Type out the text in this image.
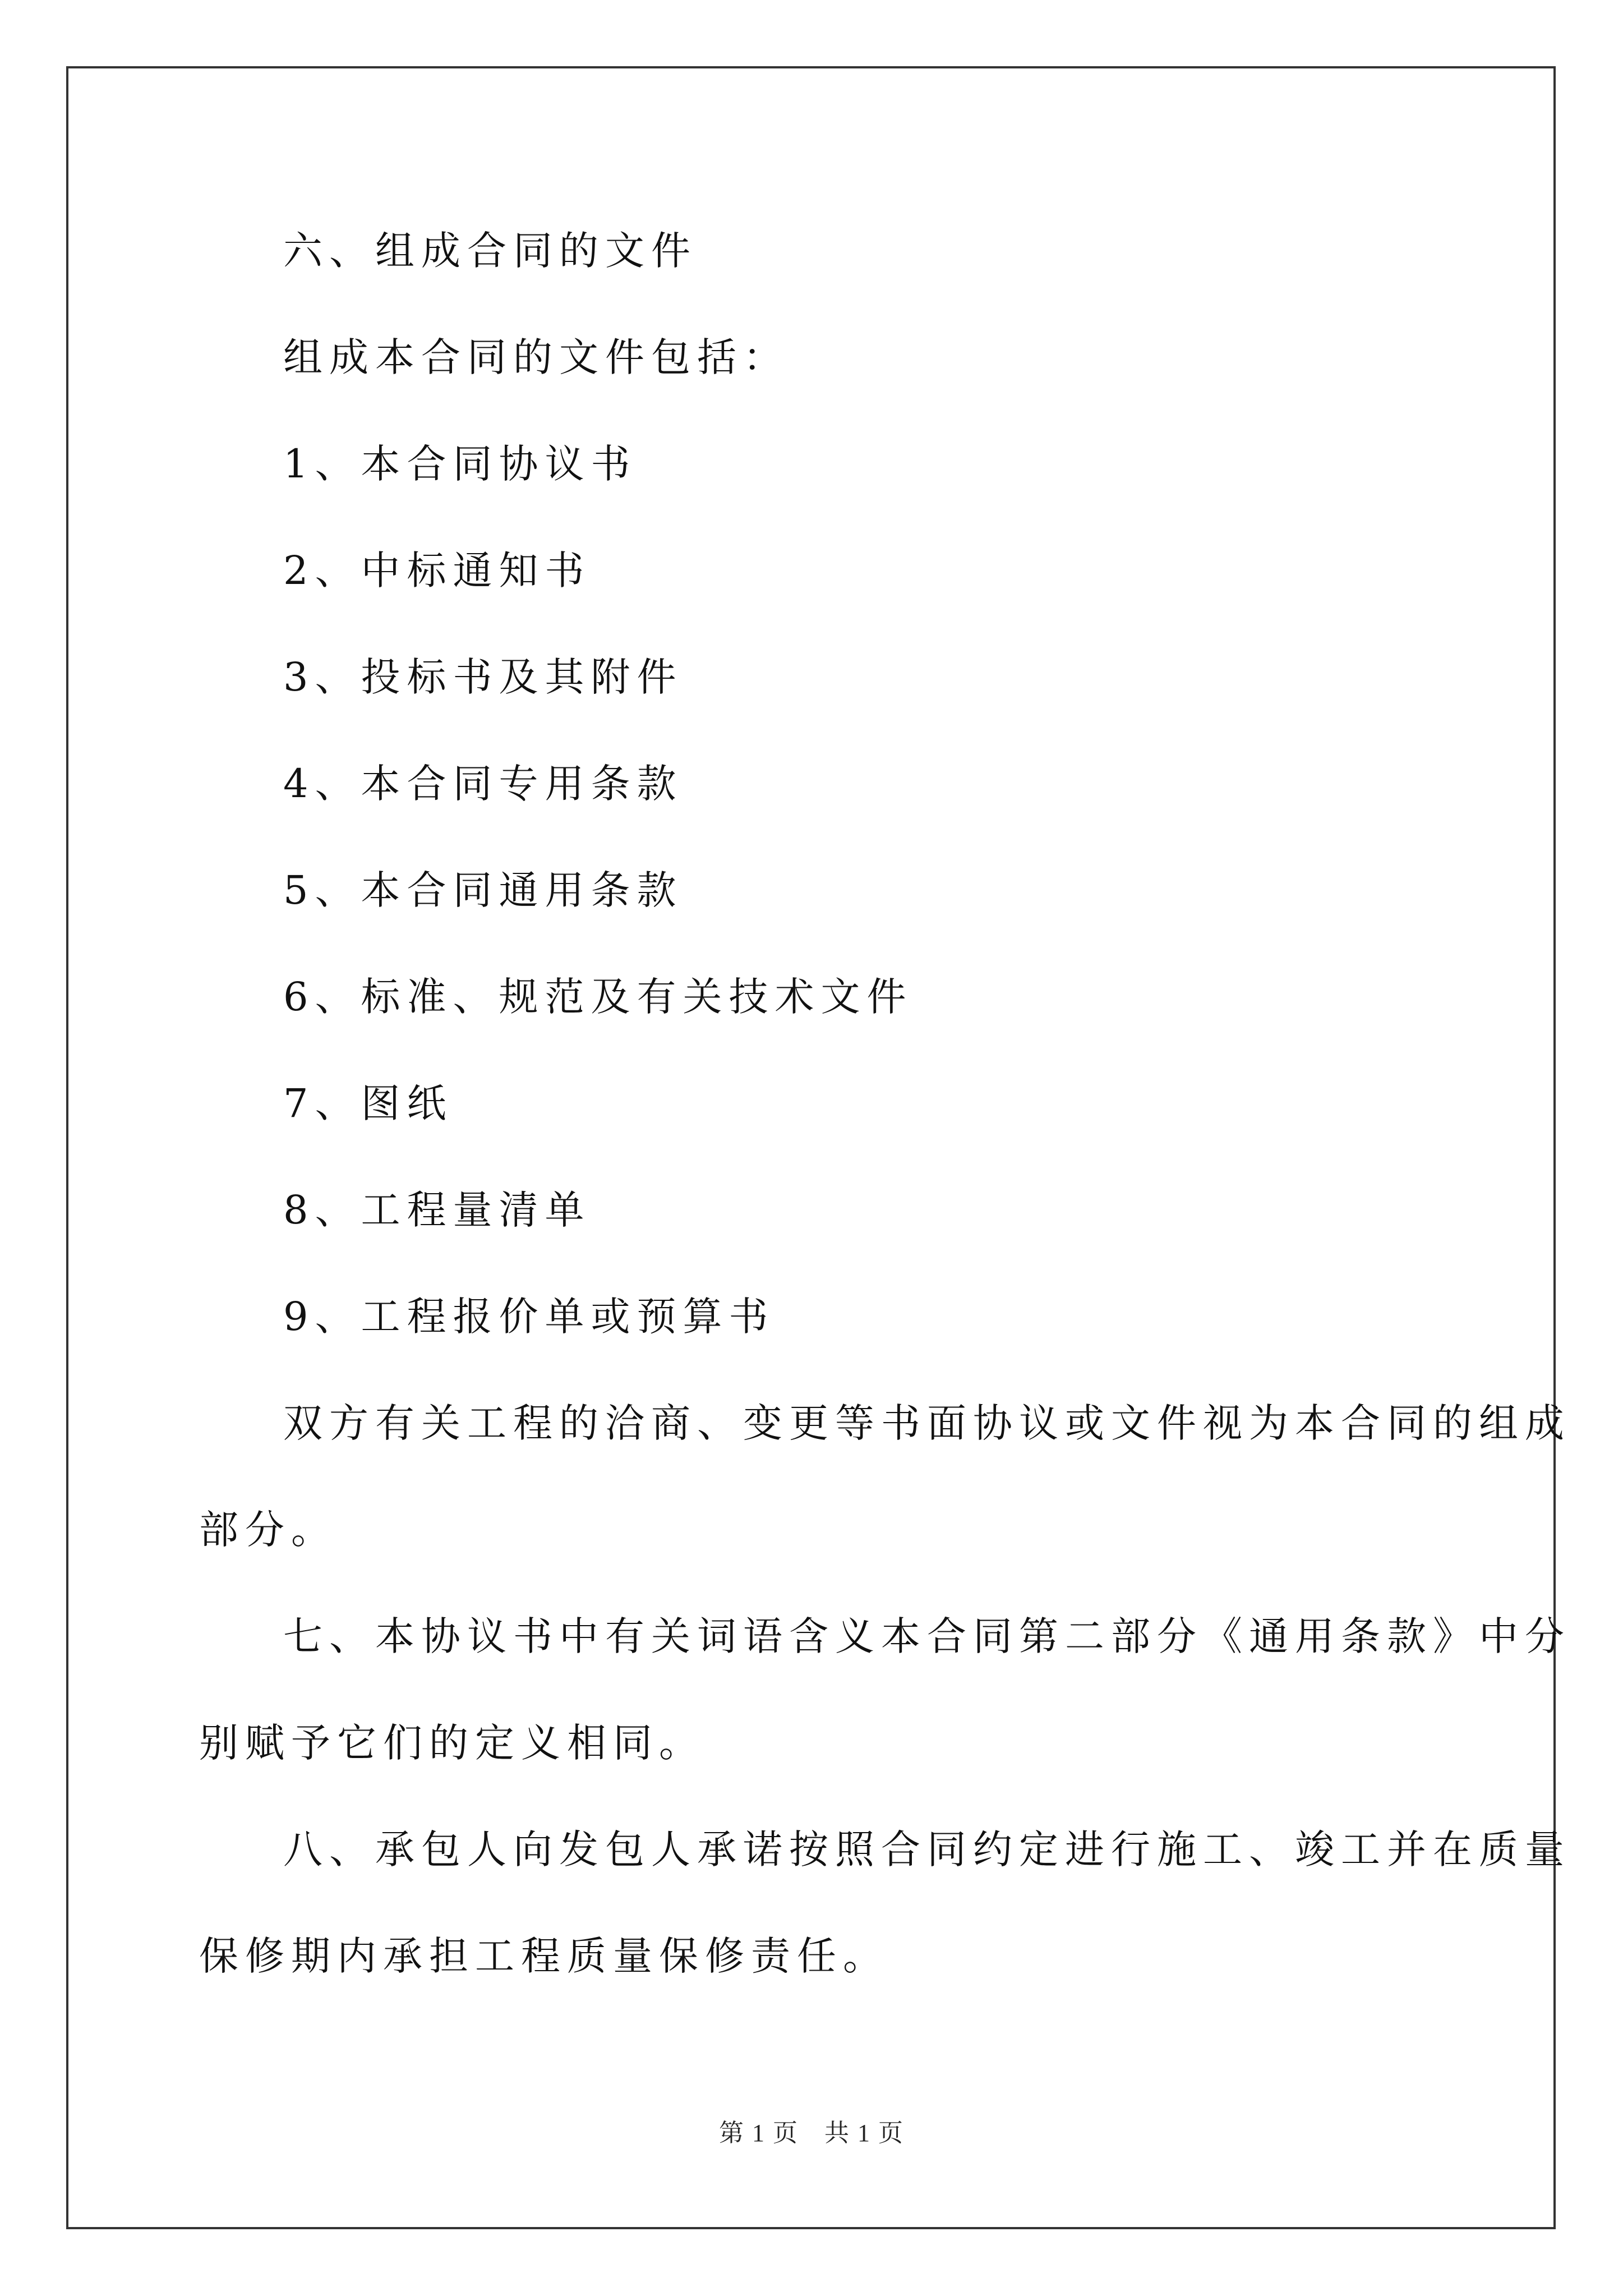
六、组成合同的文件

组成本合同的文件包括：

1、本合同协议书

2、中标通知书

3、投标书及其附件

4、本合同专用条款

5、本合同通用条款

6、标准、规范及有关技术文件

7、图纸

8、工程量清单

9、工程报价单或预算书

双方有关工程的洽商、变更等书面协议或文件视为本合同的组成

部分。

七、本协议书中有关词语含义本合同第二部分《通用条款》中分

别赋予它们的定义相同。

八、承包人向发包人承诺按照合同约定进行施工、竣工并在质量

保修期内承担工程质量保修责任。

第 1 页　共 1 页
